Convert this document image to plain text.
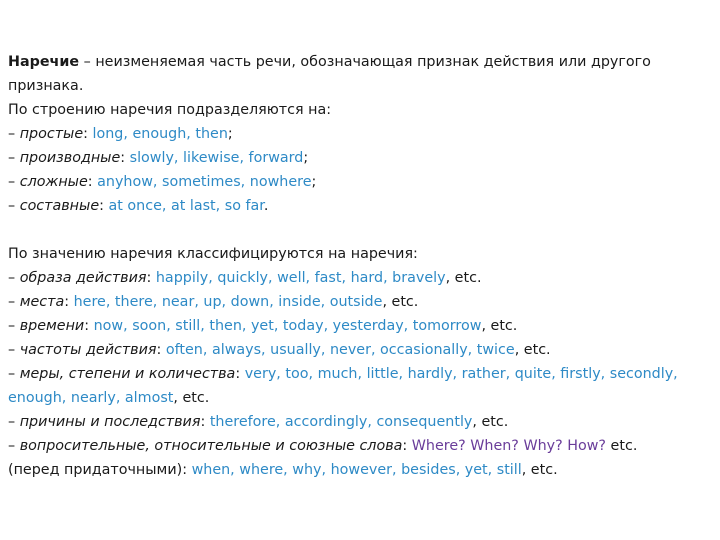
Наречие – неизменяемая часть речи, обозначающая признак действия или другого признака.
По строению наречия подразделяются на:
– простые: long, enough, then;
– производные: slowly, likewise, forward;
– сложные: anyhow, sometimes, nowhere;
– составные: at once, at last, so far.
По значению наречия классифицируются на наречия:
– образа действия: happily, quickly, well, fast, hard, bravely, etc.
– места: here, there, near, up, down, inside, outside, etc.
– времени: now, soon, still, then, yet, today, yesterday, tomorrow, etc.
– частоты действия: often, always, usually, never, occasionally, twice, etc.
– меры, степени и количества: very, too, much, little, hardly, rather, quite, firstly, secondly, enough, nearly, almost, etc.
– причины и последствия: therefore, accordingly, consequently, etc.
– вопросительные, относительные и союзные слова: Where? When? Why? How? etc.
(перед придаточными): when, where, why, however, besides, yet, still, etc.
